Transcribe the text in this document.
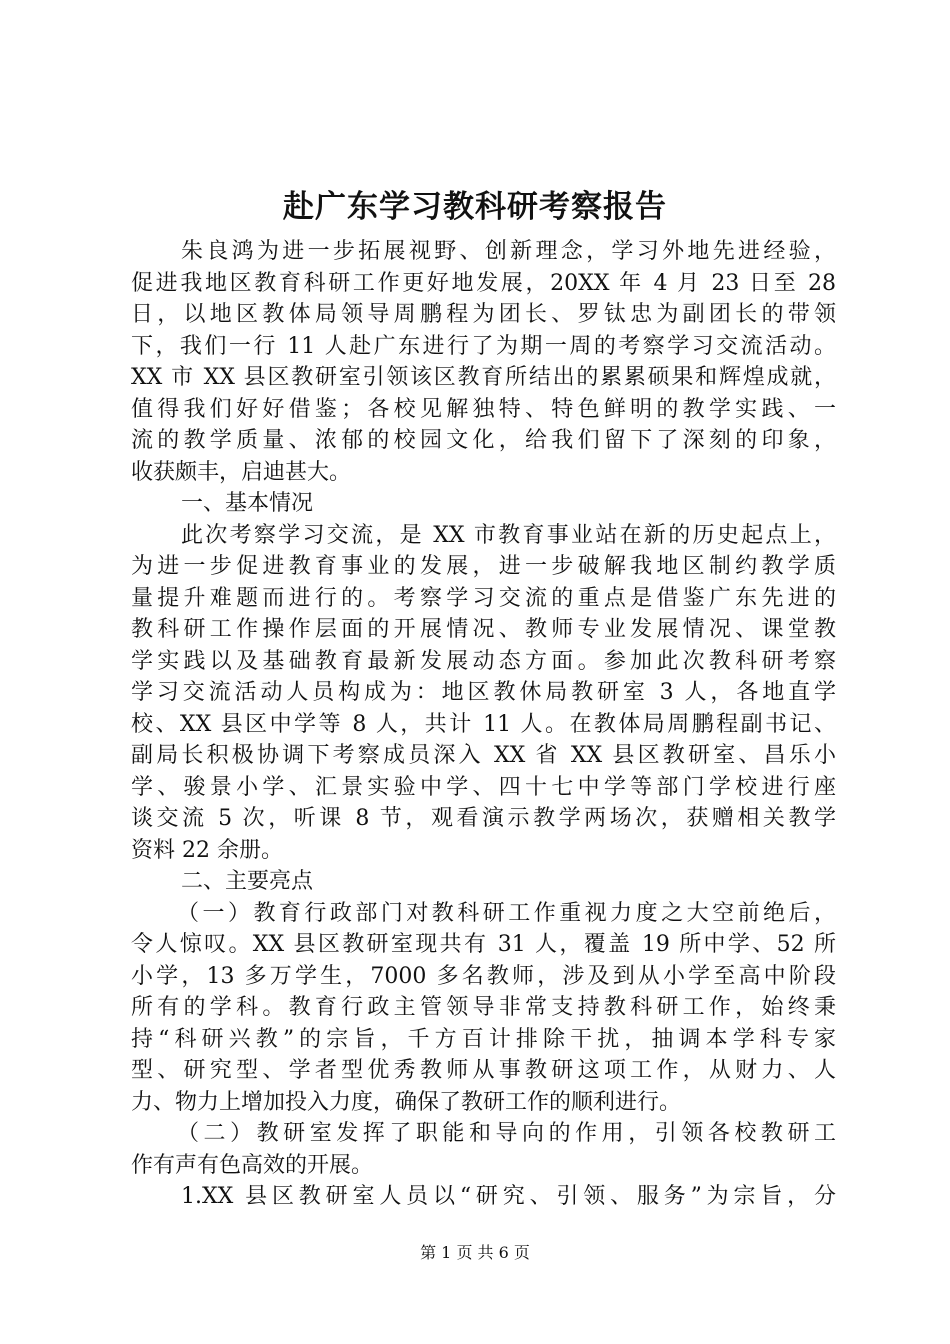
赴广东学习教科研考察报告
朱良鸿为进一步拓展视野、创新理念，学习外地先进经验，
促进我地区教育科研工作更好地发展，20XX 年 4 月 23 日至 28
日，以地区教体局领导周鹏程为团长、罗钛忠为副团长的带领
下，我们一行 11 人赴广东进行了为期一周的考察学习交流活动。
XX 市 XX 县区教研室引领该区教育所结出的累累硕果和辉煌成就，
值得我们好好借鉴；各校见解独特、特色鲜明的教学实践、一
流的教学质量、浓郁的校园文化，给我们留下了深刻的印象，
收获颇丰，启迪甚大。
一、基本情况
此次考察学习交流，是 XX 市教育事业站在新的历史起点上，
为进一步促进教育事业的发展，进一步破解我地区制约教学质
量提升难题而进行的。考察学习交流的重点是借鉴广东先进的
教科研工作操作层面的开展情况、教师专业发展情况、课堂教
学实践以及基础教育最新发展动态方面。参加此次教科研考察
学习交流活动人员构成为：地区教休局教研室 3 人，各地直学
校、XX 县区中学等 8 人，共计 11 人。在教体局周鹏程副书记、
副局长积极协调下考察成员深入 XX 省 XX 县区教研室、昌乐小
学、骏景小学、汇景实验中学、四十七中学等部门学校进行座
谈交流 5 次，听课 8 节，观看演示教学两场次，获赠相关教学
资料 22 余册。
二、主要亮点
（一）教育行政部门对教科研工作重视力度之大空前绝后，
令人惊叹。XX 县区教研室现共有 31 人，覆盖 19 所中学、52 所
小学，13 多万学生，7000 多名教师，涉及到从小学至高中阶段
所有的学科。教育行政主管领导非常支持教科研工作，始终秉
持“科研兴教”的宗旨，千方百计排除干扰，抽调本学科专家
型、研究型、学者型优秀教师从事教研这项工作，从财力、人
力、物力上增加投入力度，确保了教研工作的顺利进行。
（二）教研室发挥了职能和导向的作用，引领各校教研工
作有声有色高效的开展。
1.XX 县区教研室人员以“研究、引领、服务”为宗旨，分
第 1 页 共 6 页
